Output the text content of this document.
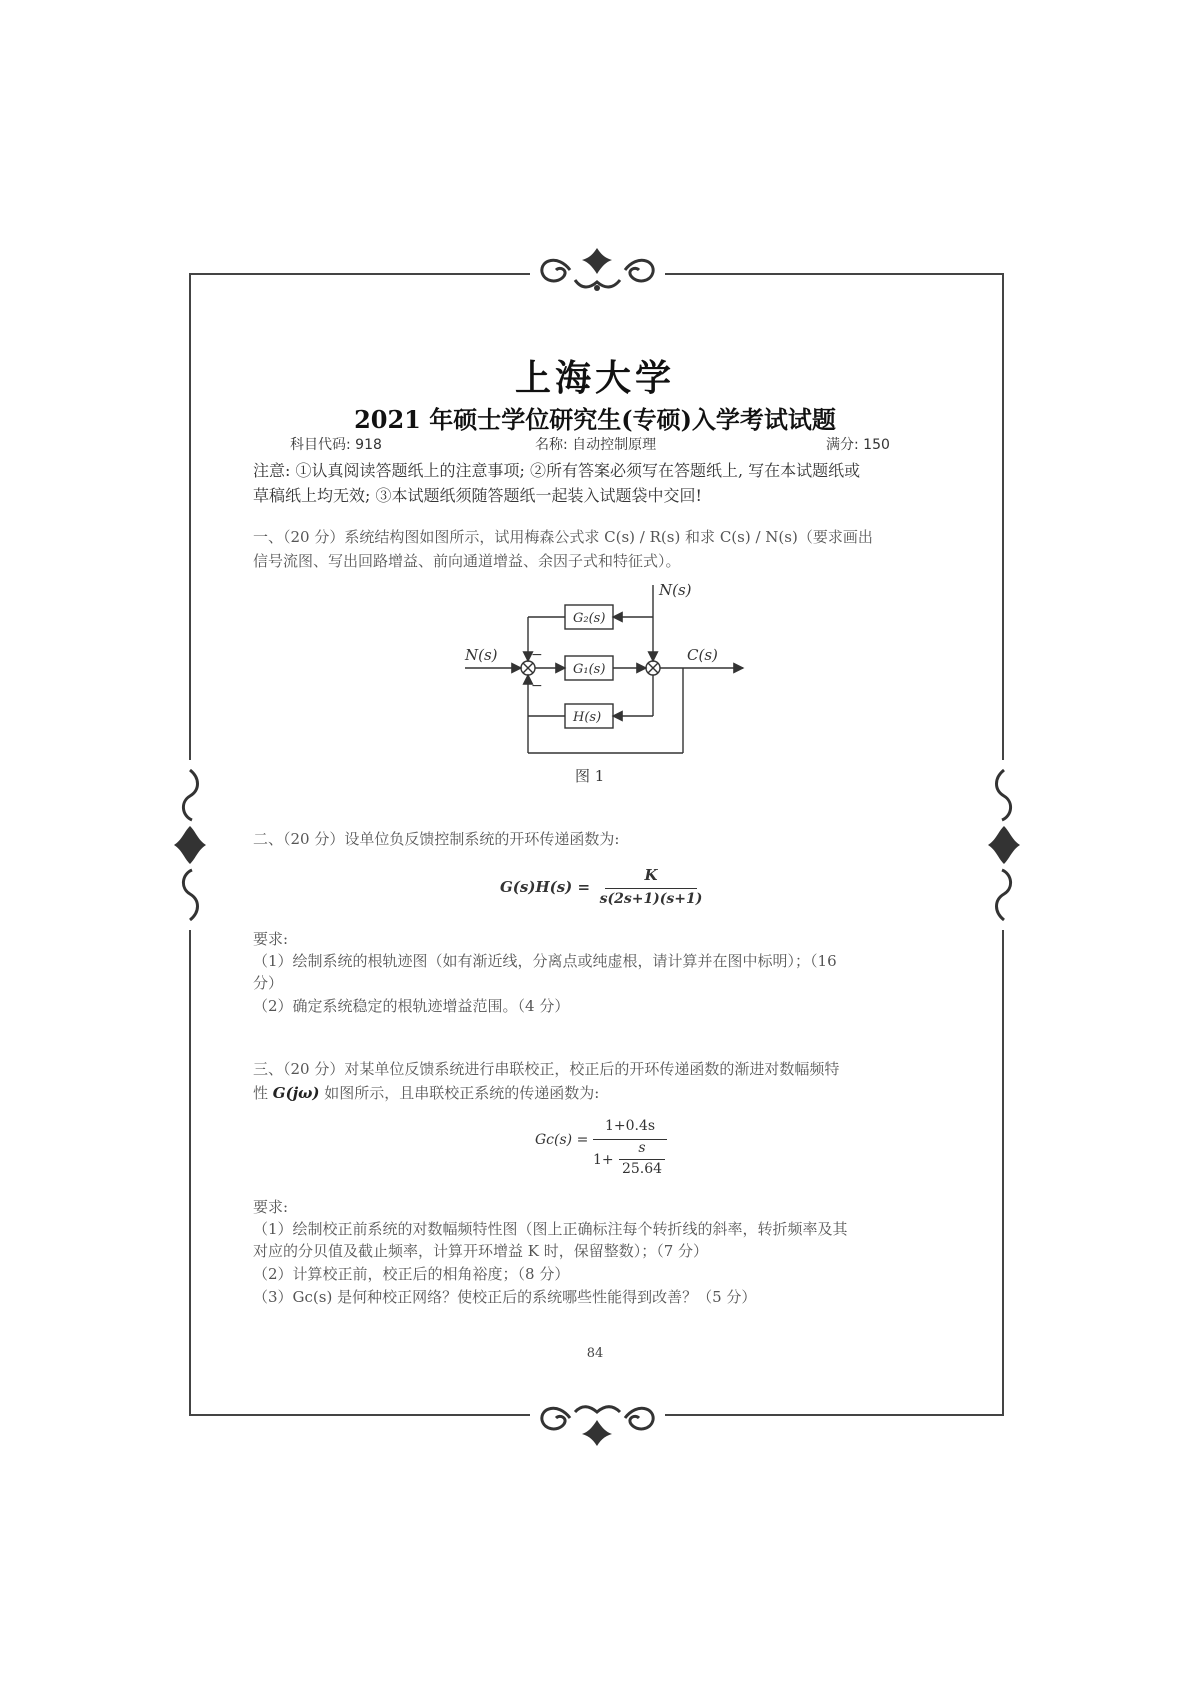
上海大学
2021 年硕士学位研究生(专硕)入学考试试题
科目代码: 918	名称: 自动控制原理	满分: 150
注意: ①认真阅读答题纸上的注意事项; ②所有答案必须写在答题纸上, 写在本试题纸或
草稿纸上均无效; ③本试题纸须随答题纸一起装入试题袋中交回!
一、（20 分）系统结构图如图所示，试用梅森公式求 C(s) / R(s) 和求 C(s) / N(s)（要求画出
信号流图、写出回路增益、前向通道增益、余因子式和特征式）。
N(s)	C(s)
N(s)
G₂(s)
G₁(s)
H(s)
−
−
图 1
二、（20 分）设单位负反馈控制系统的开环传递函数为:
G(s)H(s) =
K
s(2s+1)(s+1)
要求:
（1）绘制系统的根轨迹图（如有渐近线，分离点或纯虚根，请计算并在图中标明）；（16
分）
（2）确定系统稳定的根轨迹增益范围。（4 分）
三、（20 分）对某单位反馈系统进行串联校正，校正后的开环传递函数的渐进对数幅频特
性 G(jω) 如图所示，且串联校正系统的传递函数为:
Gc(s) =
1+0.4s
1+
s
25.64
要求:
（1）绘制校正前系统的对数幅频特性图（图上正确标注每个转折线的斜率，转折频率及其
对应的分贝值及截止频率，计算开环增益 K 时，保留整数）；（7 分）
（2）计算校正前，校正后的相角裕度；（8 分）
（3）Gc(s) 是何种校正网络？使校正后的系统哪些性能得到改善？（5 分）
84
